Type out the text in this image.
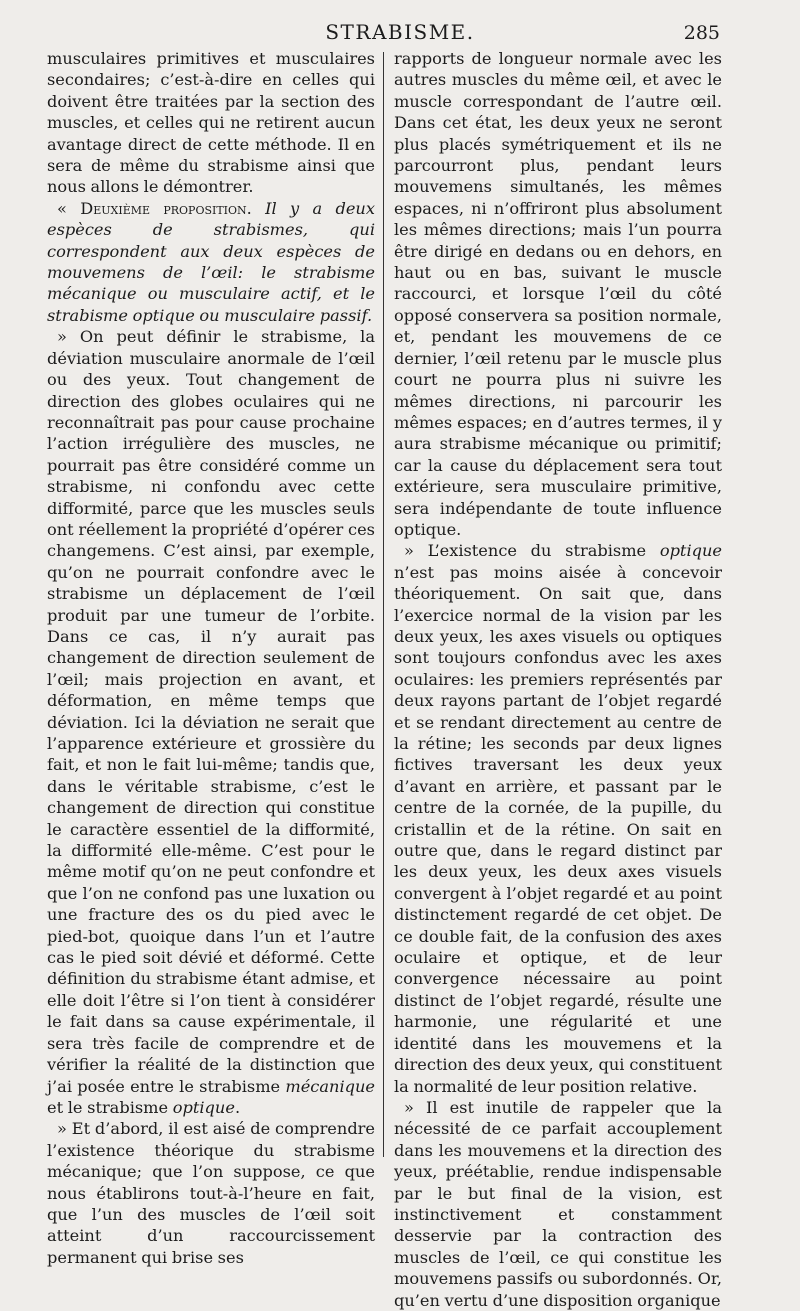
STRABISME.	285

musculaires primitives et musculaires secondaires; c’est-à-dire en celles qui doivent être traitées par la section des muscles, et celles qui ne retirent aucun avantage direct de cette méthode. Il en sera de même du strabisme ainsi que nous allons le démontrer.

« Deuxième proposition. Il y a deux espèces de strabismes, qui correspondent aux deux espèces de mouvemens de l’œil: le strabisme mécanique ou musculaire actif, et le strabisme optique ou musculaire passif.

» On peut définir le strabisme, la déviation musculaire anormale de l’œil ou des yeux. Tout changement de direction des globes oculaires qui ne reconnaîtrait pas pour cause prochaine l’action irrégulière des muscles, ne pourrait pas être considéré comme un strabisme, ni confondu avec cette difformité, parce que les muscles seuls ont réellement la propriété d’opérer ces changemens. C’est ainsi, par exemple, qu’on ne pourrait confondre avec le strabisme un déplacement de l’œil produit par une tumeur de l’orbite. Dans ce cas, il n’y aurait pas changement de direction seulement de l’œil; mais projection en avant, et déformation, en même temps que déviation. Ici la déviation ne serait que l’apparence extérieure et grossière du fait, et non le fait lui-même; tandis que, dans le véritable strabisme, c’est le changement de direction qui constitue le caractère essentiel de la difformité, la difformité elle-même. C’est pour le même motif qu’on ne peut confondre et que l’on ne confond pas une luxation ou une fracture des os du pied avec le pied-bot, quoique dans l’un et l’autre cas le pied soit dévié et déformé. Cette définition du strabisme étant admise, et elle doit l’être si l’on tient à considérer le fait dans sa cause expérimentale, il sera très facile de comprendre et de vérifier la réalité de la distinction que j’ai posée entre le strabisme mécanique et le strabisme optique.

» Et d’abord, il est aisé de comprendre l’existence théorique du strabisme mécanique; que l’on suppose, ce que nous établirons tout-à-l’heure en fait, que l’un des muscles de l’œil soit atteint d’un raccourcissement permanent qui brise ses

rapports de longueur normale avec les autres muscles du même œil, et avec le muscle correspondant de l’autre œil. Dans cet état, les deux yeux ne seront plus placés symétriquement et ils ne parcourront plus, pendant leurs mouvemens simultanés, les mêmes espaces, ni n’offriront plus absolument les mêmes directions; mais l’un pourra être dirigé en dedans ou en dehors, en haut ou en bas, suivant le muscle raccourci, et lorsque l’œil du côté opposé conservera sa position normale, et, pendant les mouvemens de ce dernier, l’œil retenu par le muscle plus court ne pourra plus ni suivre les mêmes directions, ni parcourir les mêmes espaces; en d’autres termes, il y aura strabisme mécanique ou primitif; car la cause du déplacement sera tout extérieure, sera musculaire primitive, sera indépendante de toute influence optique.

» L’existence du strabisme optique n’est pas moins aisée à concevoir théoriquement. On sait que, dans l’exercice normal de la vision par les deux yeux, les axes visuels ou optiques sont toujours confondus avec les axes oculaires: les premiers représentés par deux rayons partant de l’objet regardé et se rendant directement au centre de la rétine; les seconds par deux lignes fictives traversant les deux yeux d’avant en arrière, et passant par le centre de la cornée, de la pupille, du cristallin et de la rétine. On sait en outre que, dans le regard distinct par les deux yeux, les deux axes visuels convergent à l’objet regardé et au point distinctement regardé de cet objet. De ce double fait, de la confusion des axes oculaire et optique, et de leur convergence nécessaire au point distinct de l’objet regardé, résulte une harmonie, une régularité et une identité dans les mouvemens et la direction des deux yeux, qui constituent la normalité de leur position relative.

» Il est inutile de rappeler que la nécessité de ce parfait accouplement dans les mouvemens et la direction des yeux, préétablie, rendue indispensable par le but final de la vision, est instinctivement et constamment desservie par la contraction des muscles de l’œil, ce qui constitue les mouvemens passifs ou subordonnés. Or, qu’en vertu d’une disposition organique
